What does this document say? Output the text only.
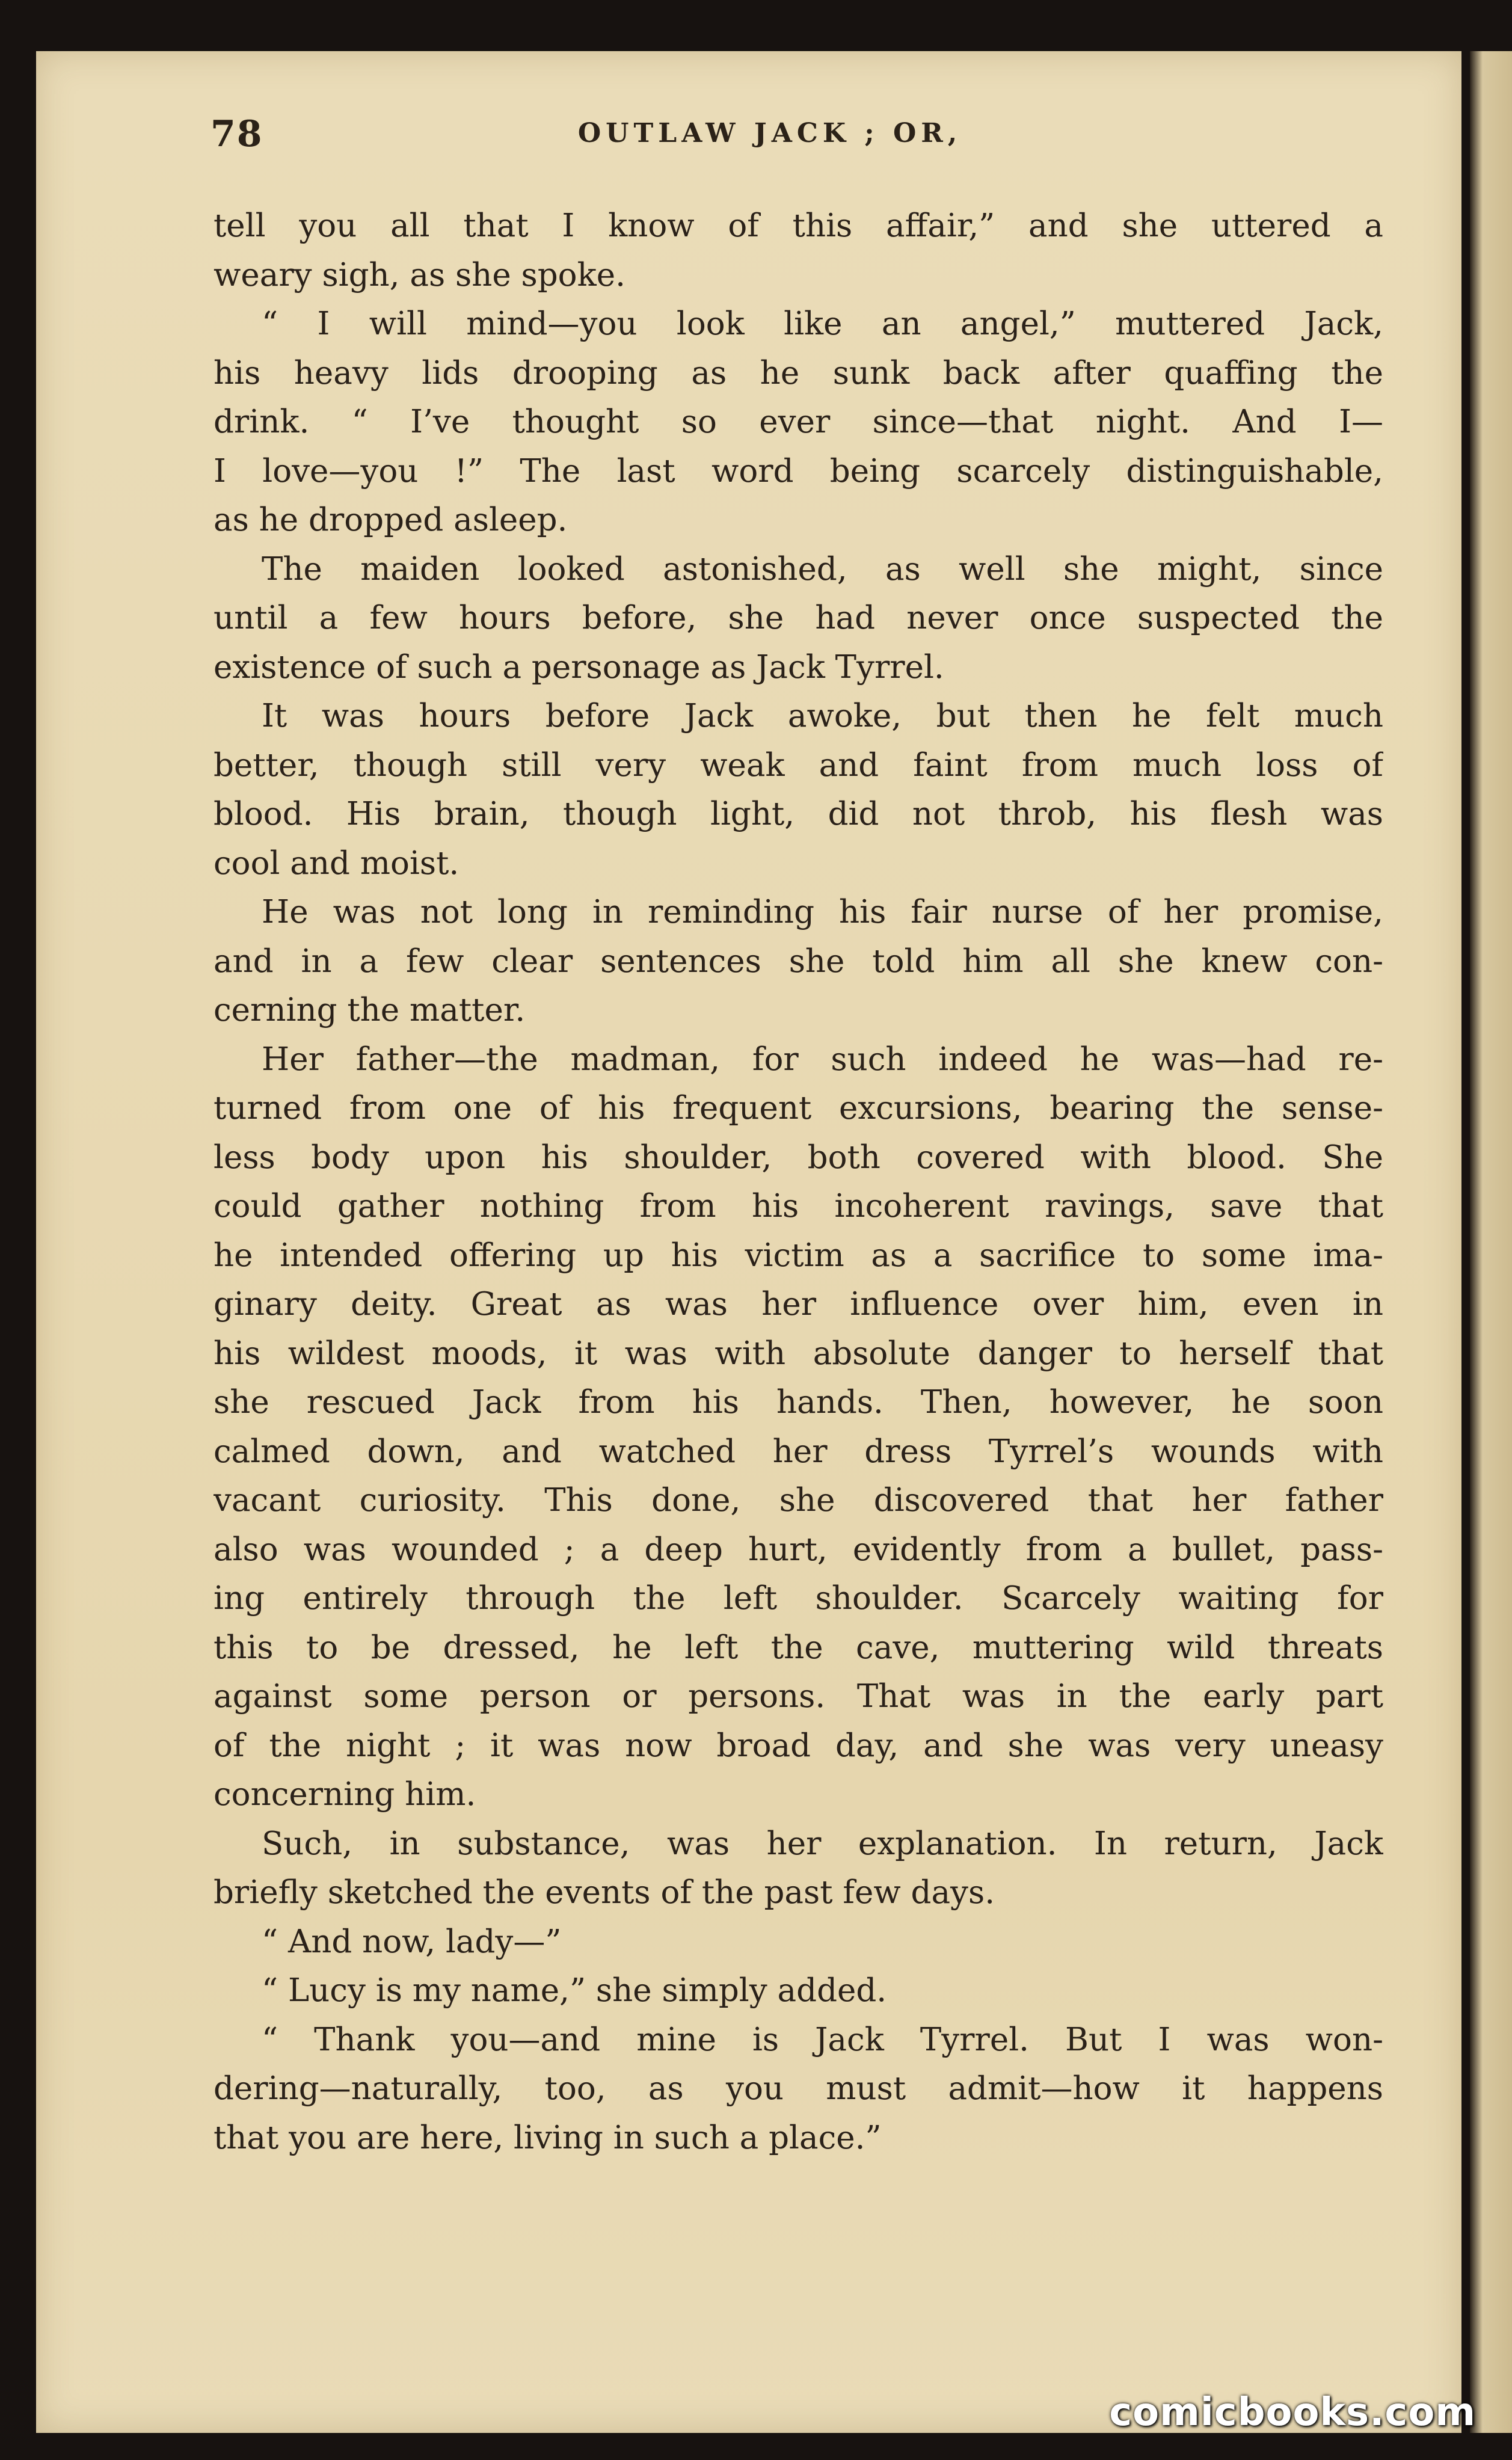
78	OUTLAW JACK ; OR,
tell you all that I know of this affair,” and she uttered a
weary sigh, as she spoke.
“ I will mind—you look like an angel,” muttered Jack,
his heavy lids drooping as he sunk back after quaffing the
drink. “ I’ve thought so ever since—that night. And I—
I love—you !” The last word being scarcely distinguishable,
as he dropped asleep.
The maiden looked astonished, as well she might, since
until a few hours before, she had never once suspected the
existence of such a personage as Jack Tyrrel.
It was hours before Jack awoke, but then he felt much
better, though still very weak and faint from much loss of
blood. His brain, though light, did not throb, his flesh was
cool and moist.
He was not long in reminding his fair nurse of her promise,
and in a few clear sentences she told him all she knew con-
cerning the matter.
Her father—the madman, for such indeed he was—had re-
turned from one of his frequent excursions, bearing the sense-
less body upon his shoulder, both covered with blood. She
could gather nothing from his incoherent ravings, save that
he intended offering up his victim as a sacrifice to some ima-
ginary deity. Great as was her influence over him, even in
his wildest moods, it was with absolute danger to herself that
she rescued Jack from his hands. Then, however, he soon
calmed down, and watched her dress Tyrrel’s wounds with
vacant curiosity. This done, she discovered that her father
also was wounded ; a deep hurt, evidently from a bullet, pass-
ing entirely through the left shoulder. Scarcely waiting for
this to be dressed, he left the cave, muttering wild threats
against some person or persons. That was in the early part
of the night ; it was now broad day, and she was very uneasy
concerning him.
Such, in substance, was her explanation. In return, Jack
briefly sketched the events of the past few days.
“ And now, lady—”
“ Lucy is my name,” she simply added.
“ Thank you—and mine is Jack Tyrrel. But I was won-
dering—naturally, too, as you must admit—how it happens
that you are here, living in such a place.”
comicbooks.com
